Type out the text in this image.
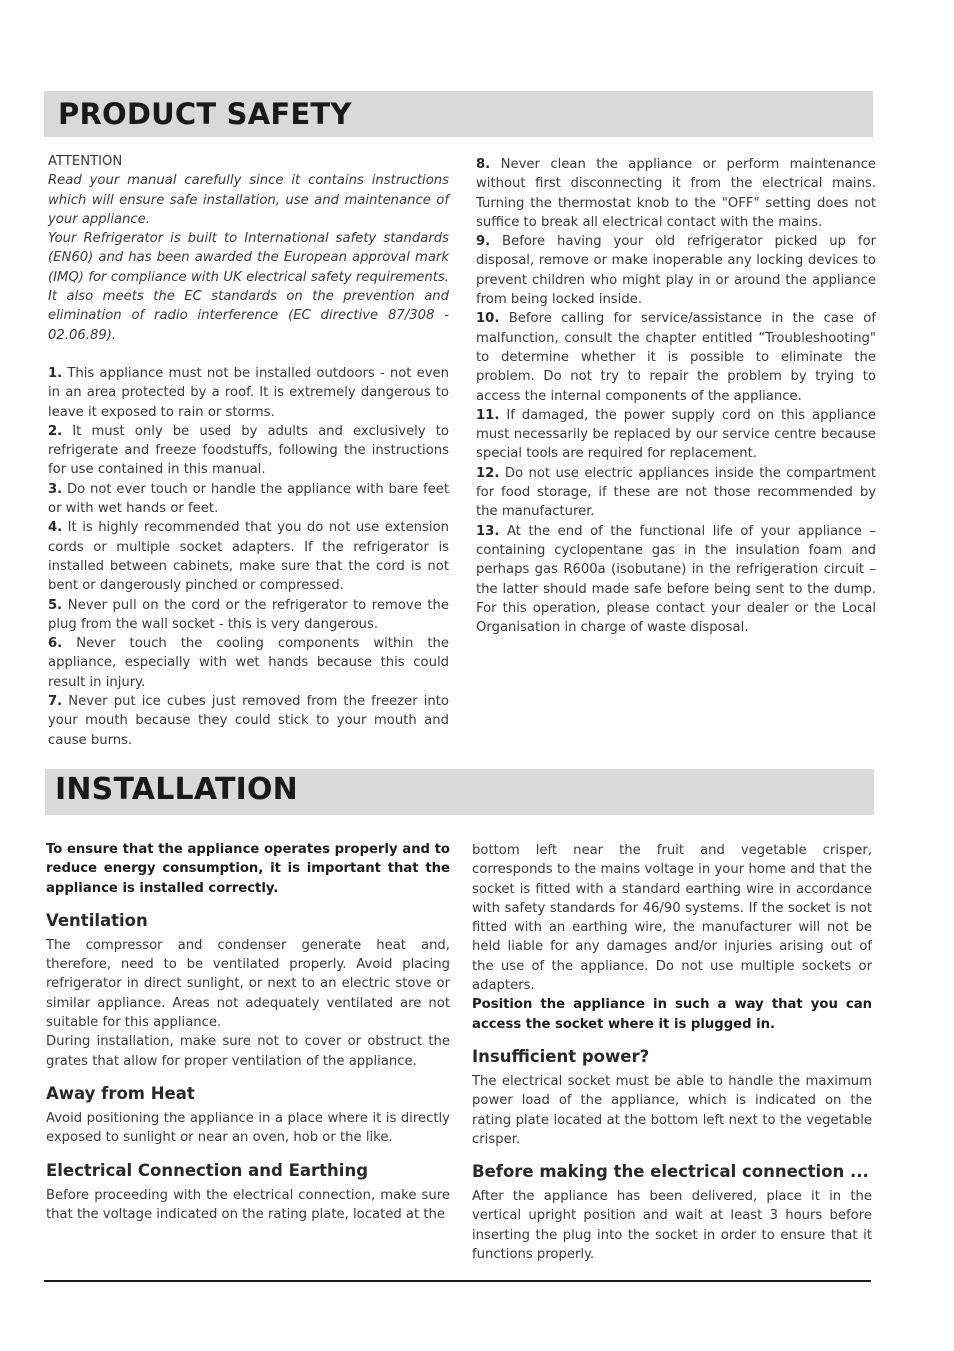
PRODUCT SAFETY

ATTENTION

Read your manual carefully since it contains instructions which will ensure safe installation, use and maintenance of your appliance.

Your Refrigerator is built to International safety standards (EN60) and has been awarded the European approval mark (IMQ) for compliance with UK electrical safety requirements. It also meets the EC standards on the prevention and elimination of radio interference (EC directive 87/308 - 02.06.89).

1. This appliance must not be installed outdoors - not even in an area protected by a roof. It is extremely dangerous to leave it exposed to rain or storms.

2. It must only be used by adults and exclusively to refrigerate and freeze foodstuffs, following the instructions for use contained in this manual.

3. Do not ever touch or handle the appliance with bare feet or with wet hands or feet.

4. It is highly recommended that you do not use extension cords or multiple socket adapters. If the refrigerator is installed between cabinets, make sure that the cord is not bent or dangerously pinched or compressed.

5. Never pull on the cord or the refrigerator to remove the plug from the wall socket - this is very dangerous.

6. Never touch the cooling components within the appliance, especially with wet hands because this could result in injury.

7. Never put ice cubes just removed from the freezer into your mouth because they could stick to your mouth and cause burns.

8. Never clean the appliance or perform maintenance without first disconnecting it from the electrical mains. Turning the thermostat knob to the "OFF" setting does not suffice to break all electrical contact with the mains.

9. Before having your old refrigerator picked up for disposal, remove or make inoperable any locking devices to prevent children who might play in or around the appliance from being locked inside.

10. Before calling for service/assistance in the case of malfunction, consult the chapter entitled “Troubleshooting" to determine whether it is possible to eliminate the problem. Do not try to repair the problem by trying to access the internal components of the appliance.

11. If damaged, the power supply cord on this appliance must necessarily be replaced by our service centre because special tools are required for replacement.

12. Do not use electric appliances inside the compartment for food storage, if these are not those recommended by the manufacturer.

13. At the end of the functional life of your appliance – containing cyclopentane gas in the insulation foam and perhaps gas R600a (isobutane) in the refrigeration circuit – the latter should made safe before being sent to the dump. For this operation, please contact your dealer or the Local Organisation in charge of waste disposal.

INSTALLATION

To ensure that the appliance operates properly and to reduce energy consumption, it is important that the appliance is installed correctly.

Ventilation

The compressor and condenser generate heat and, therefore, need to be ventilated properly. Avoid placing refrigerator in direct sunlight, or next to an electric stove or similar appliance. Areas not adequately ventilated are not suitable for this appliance.

During installation, make sure not to cover or obstruct the grates that allow for proper ventilation of the appliance.

Away from Heat

Avoid positioning the appliance in a place where it is directly exposed to sunlight or near an oven, hob or the like.

Electrical Connection and Earthing

Before proceeding with the electrical connection, make sure that the voltage indicated on the rating plate, located at the

bottom left near the fruit and vegetable crisper, corresponds to the mains voltage in your home and that the socket is fitted with a standard earthing wire in accordance with safety standards for 46/90 systems. If the socket is not fitted with an earthing wire, the manufacturer will not be held liable for any damages and/or injuries arising out of the use of the appliance. Do not use multiple sockets or adapters.

Position the appliance in such a way that you can access the socket where it is plugged in.

Insufficient power?

The electrical socket must be able to handle the maximum power load of the appliance, which is indicated on the rating plate located at the bottom left next to the vegetable crisper.

Before making the electrical connection ...

After the appliance has been delivered, place it in the vertical upright position and wait at least 3 hours before inserting the plug into the socket in order to ensure that it functions properly.
